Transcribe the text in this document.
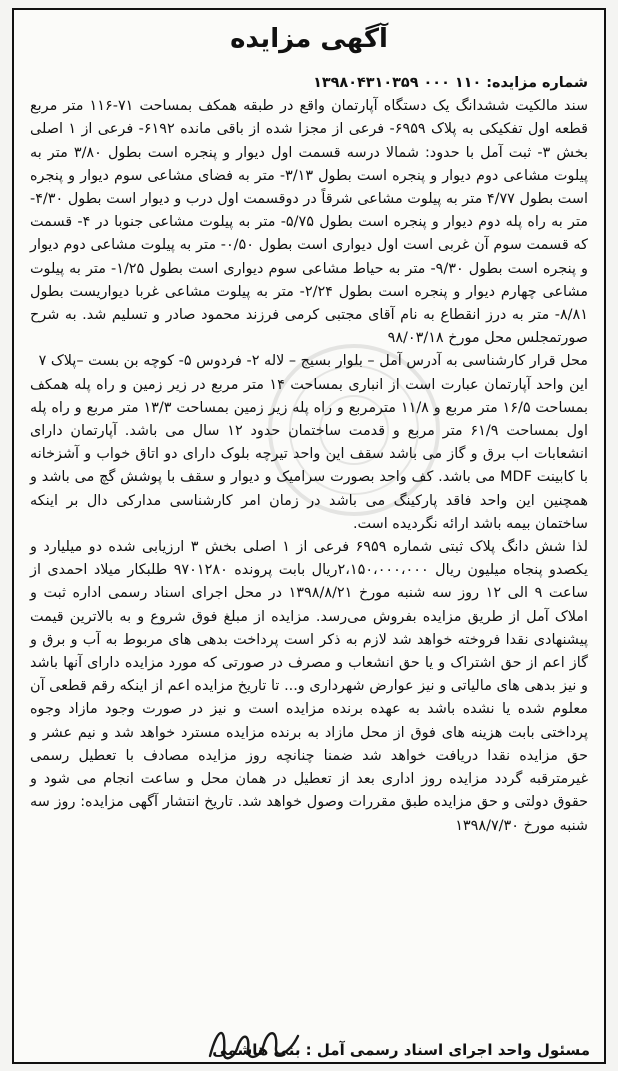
آگهی مزایده

شماره مزایده: ۱۱۰ ۰۰۰ ۱۳۹۸۰۴۳۱۰۳۵۹

سند مالکیت ششدانگ یک دستگاه آپارتمان واقع در طبقه همکف بمساحت ۷۱-۱۱۶ متر مربع قطعه اول تفکیکی به پلاک ۶۹۵۹- فرعی از مجزا شده از باقی مانده ۶۱۹۲- فرعی از ۱ اصلی بخش ۳- ثبت آمل با حدود: شمالا درسه قسمت اول دیوار و پنجره است بطول ۳/۸۰ متر به پیلوت مشاعی دوم دیوار و پنجره است بطول ۳/۱۳- متر به فضای مشاعی سوم دیوار و پنجره است بطول ۴/۷۷ متر به پیلوت مشاعی شرقاً در دوقسمت اول درب و دیوار است بطول ۴/۳۰- متر به راه پله دوم دیوار و پنجره است بطول ۵/۷۵- متر به پیلوت مشاعی جنوبا در ۴- قسمت که قسمت سوم آن غربی است اول دیواری است بطول ۰/۵۰- متر به پیلوت مشاعی دوم دیوار و پنجره است بطول ۹/۳۰- متر به حیاط مشاعی سوم دیواری است بطول ۱/۲۵- متر به پیلوت مشاعی چهارم دیوار و پنجره است بطول ۲/۲۴- متر به پیلوت مشاعی غربا دیواریست بطول ۸/۸۱- متر به درز انقطاع به نام آقای مجتبی کرمی فرزند محمود صادر و تسلیم شد. به شرح صورتمجلس محل مورخ ۹۸/۰۳/۱۸

محل قرار کارشناسی به آدرس آمل – بلوار بسیج – لاله ۲- فردوس ۵- کوچه بن بست –پلاک ۷

این واحد آپارتمان عبارت است از انباری بمساحت ۱۴ متر مربع در زیر زمین و راه پله همکف بمساحت ۱۶/۵ متر مربع و ۱۱/۸ مترمربع و راه پله زیر زمین بمساحت ۱۳/۳ متر مربع و راه پله اول بمساحت ۶۱/۹ متر مربع و قدمت ساختمان حدود ۱۲ سال می باشد. آپارتمان دارای انشعابات اب برق و گاز می باشد سقف این واحد تیرچه بلوک دارای دو اتاق خواب و آشزخانه با کابینت MDF می باشد. کف واحد بصورت سرامیک و دیوار و سقف با پوشش گچ می باشد و همچنین این واحد فاقد پارکینگ می باشد در زمان امر کارشناسی مدارکی دال بر اینکه ساختمان بیمه باشد ارائه نگردیده است.

لذا شش دانگ پلاک ثبتی شماره ۶۹۵۹ فرعی از ۱ اصلی بخش ۳ ارزیابی شده دو میلیارد و یکصدو پنجاه میلیون ریال ۲،۱۵۰،۰۰۰،۰۰۰ریال بابت پرونده ۹۷۰۱۲۸۰ طلبکار میلاد احمدی از ساعت ۹ الی ۱۲ روز سه شنبه مورخ ۱۳۹۸/۸/۲۱ در محل اجرای اسناد رسمی اداره ثبت و املاک آمل از طریق مزایده بفروش می‌رسد. مزایده از مبلغ فوق شروع و به بالاترین قیمت پیشنهادی نقدا فروخته خواهد شد لازم به ذکر است پرداخت بدهی های مربوط به آب و برق و گاز اعم از حق اشتراک و یا حق انشعاب و مصرف در صورتی که مورد مزایده دارای آنها باشد و نیز بدهی های مالیاتی و نیز عوارض شهرداری و... تا تاریخ مزایده اعم از اینکه رقم قطعی آن معلوم شده یا نشده باشد به عهده برنده مزایده است و نیز در صورت وجود مازاد وجوه پرداختی بابت هزینه های فوق از محل مازاد به برنده مزایده مسترد خواهد شد و نیم عشر و حق مزایده نقدا دریافت خواهد شد ضمنا چنانچه روز مزایده مصادف با تعطیل رسمی غیرمترقبه گردد مزایده روز اداری بعد از تعطیل در همان محل و ساعت انجام می شود و حقوق دولتی و حق مزایده طبق مقررات وصول خواهد شد. تاریخ انتشار آگهی مزایده: روز سه شنبه مورخ ۱۳۹۸/۷/۳۰

مسئول واحد اجرای اسناد رسمی آمل : بنی هاشمی
